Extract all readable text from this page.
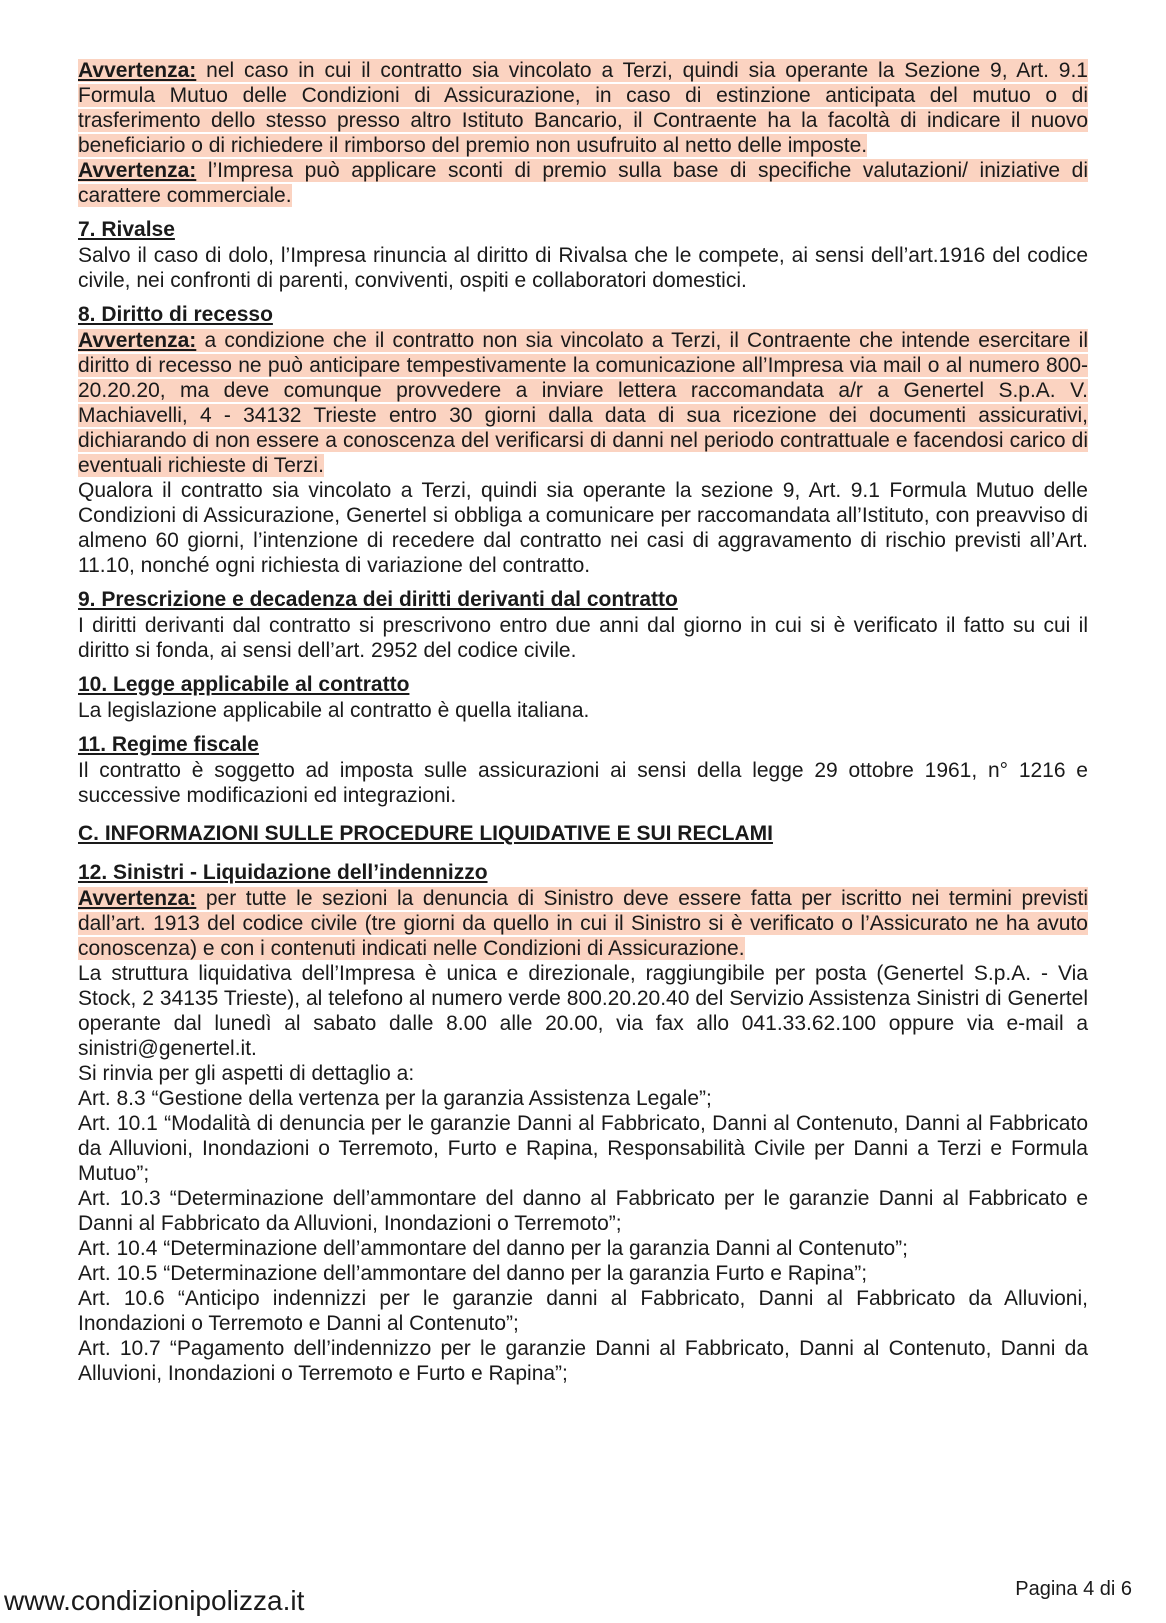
Avvertenza: nel caso in cui il contratto sia vincolato a Terzi, quindi sia operante la Sezione 9, Art. 9.1 Formula Mutuo delle Condizioni di Assicurazione, in caso di estinzione anticipata del mutuo o di trasferimento dello stesso presso altro Istituto Bancario, il Contraente ha la facoltà di indicare il nuovo beneficiario o di richiedere il rimborso del premio non usufruito al netto delle imposte.

Avvertenza: l’Impresa può applicare sconti di premio sulla base di specifiche valutazioni/ iniziative di carattere commerciale.

7. Rivalse

Salvo il caso di dolo, l’Impresa rinuncia al diritto di Rivalsa che le compete, ai sensi dell’art.1916 del codice civile, nei confronti di parenti, conviventi, ospiti e collaboratori domestici.

8. Diritto di recesso

Avvertenza: a condizione che il contratto non sia vincolato a Terzi, il Contraente che intende esercitare il diritto di recesso ne può anticipare tempestivamente la comunicazione all’Impresa via mail o al numero 800-20.20.20, ma deve comunque provvedere a inviare lettera raccomandata a/r a Genertel S.p.A. V. Machiavelli, 4 - 34132 Trieste entro 30 giorni dalla data di sua ricezione dei documenti assicurativi, dichiarando di non essere a conoscenza del verificarsi di danni nel periodo contrattuale e facendosi carico di eventuali richieste di Terzi.

Qualora il contratto sia vincolato a Terzi, quindi sia operante la sezione 9, Art. 9.1 Formula Mutuo delle Condizioni di Assicurazione, Genertel si obbliga a comunicare per raccomandata all’Istituto, con preavviso di almeno 60 giorni, l’intenzione di recedere dal contratto nei casi di aggravamento di rischio previsti all’Art. 11.10, nonché ogni richiesta di variazione del contratto.

9. Prescrizione e decadenza dei diritti derivanti dal contratto

I diritti derivanti dal contratto si prescrivono entro due anni dal giorno in cui si è verificato il fatto su cui il diritto si fonda, ai sensi dell’art. 2952 del codice civile.

10. Legge applicabile al contratto

La legislazione applicabile al contratto è quella italiana.

11. Regime fiscale

Il contratto è soggetto ad imposta sulle assicurazioni ai sensi della legge 29 ottobre 1961, n° 1216 e successive modificazioni ed integrazioni.

C. INFORMAZIONI SULLE PROCEDURE LIQUIDATIVE E SUI RECLAMI
12. Sinistri - Liquidazione dell’indennizzo

Avvertenza: per tutte le sezioni la denuncia di Sinistro deve essere fatta per iscritto nei termini previsti dall’art. 1913 del codice civile (tre giorni da quello in cui il Sinistro si è verificato o l’Assicurato ne ha avuto conoscenza) e con i contenuti indicati nelle Condizioni di Assicurazione.

La struttura liquidativa dell’Impresa è unica e direzionale, raggiungibile per posta (Genertel S.p.A. - Via Stock, 2 34135 Trieste), al telefono al numero verde 800.20.20.40 del Servizio Assistenza Sinistri di Genertel operante dal lunedì al sabato dalle 8.00 alle 20.00, via fax allo 041.33.62.100 oppure via e-mail a sinistri@genertel.it.

Si rinvia per gli aspetti di dettaglio a:

Art. 8.3 “Gestione della vertenza per la garanzia Assistenza Legale”;

Art. 10.1 “Modalità di denuncia per le garanzie Danni al Fabbricato, Danni al Contenuto, Danni al Fabbricato da Alluvioni, Inondazioni o Terremoto, Furto e Rapina, Responsabilità Civile per Danni a Terzi e Formula Mutuo”;

Art. 10.3 “Determinazione dell’ammontare del danno al Fabbricato per le garanzie Danni al Fabbricato e Danni al Fabbricato da Alluvioni, Inondazioni o Terremoto”;

Art. 10.4 “Determinazione dell’ammontare del danno per la garanzia Danni al Contenuto”;

Art. 10.5 “Determinazione dell’ammontare del danno per la garanzia Furto e Rapina”;

Art. 10.6 “Anticipo indennizzi per le garanzie danni al Fabbricato, Danni al Fabbricato da Alluvioni, Inondazioni o Terremoto e Danni al Contenuto”;

Art. 10.7 “Pagamento dell’indennizzo per le garanzie Danni al Fabbricato, Danni al Contenuto, Danni da Alluvioni, Inondazioni o Terremoto e Furto e Rapina”;

Pagina 4 di 6
www.condizionipolizza.it
